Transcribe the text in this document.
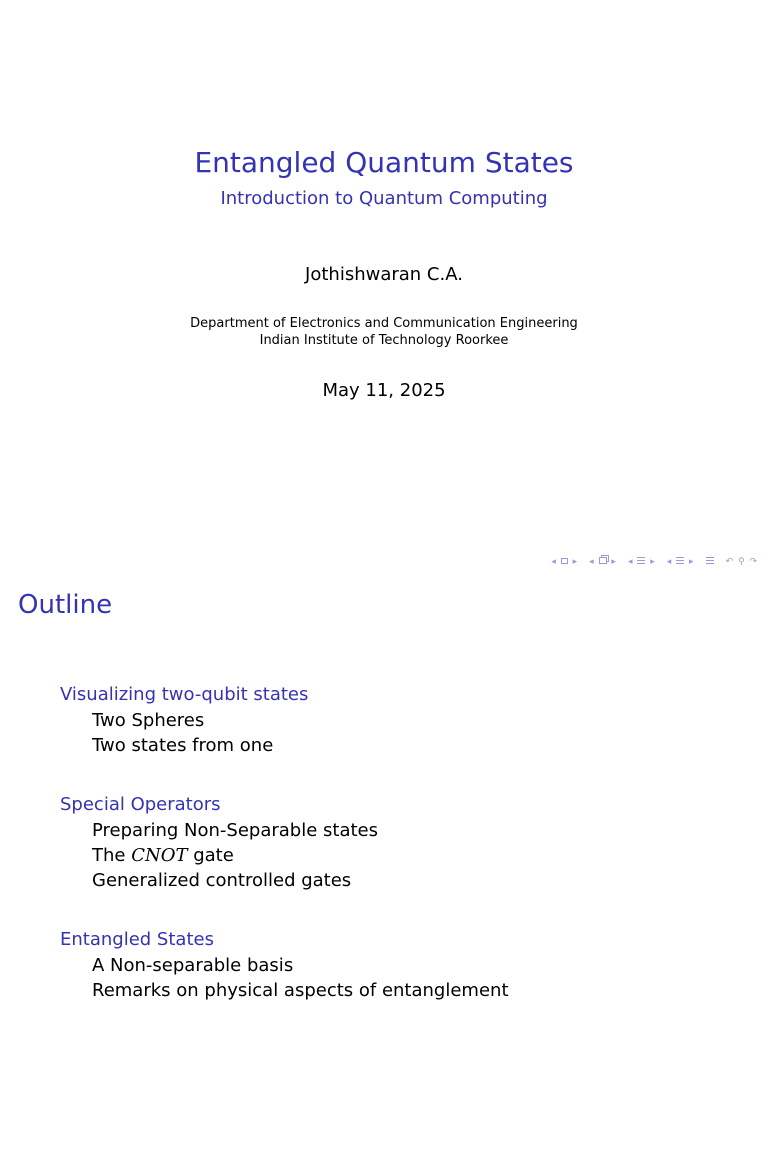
Entangled Quantum States
Introduction to Quantum Computing
Jothishwaran C.A.
Department of Electronics and Communication Engineering
Indian Institute of Technology Roorkee
May 11, 2025
◂ ▸ ◂ ▸ ◂ ▸ ◂ ▸	↶ ⚲ ↷
Outline
Visualizing two-qubit states
Two Spheres
Two states from one
Special Operators
Preparing Non-Separable states
The CNOT gate
Generalized controlled gates
Entangled States
A Non-separable basis
Remarks on physical aspects of entanglement
